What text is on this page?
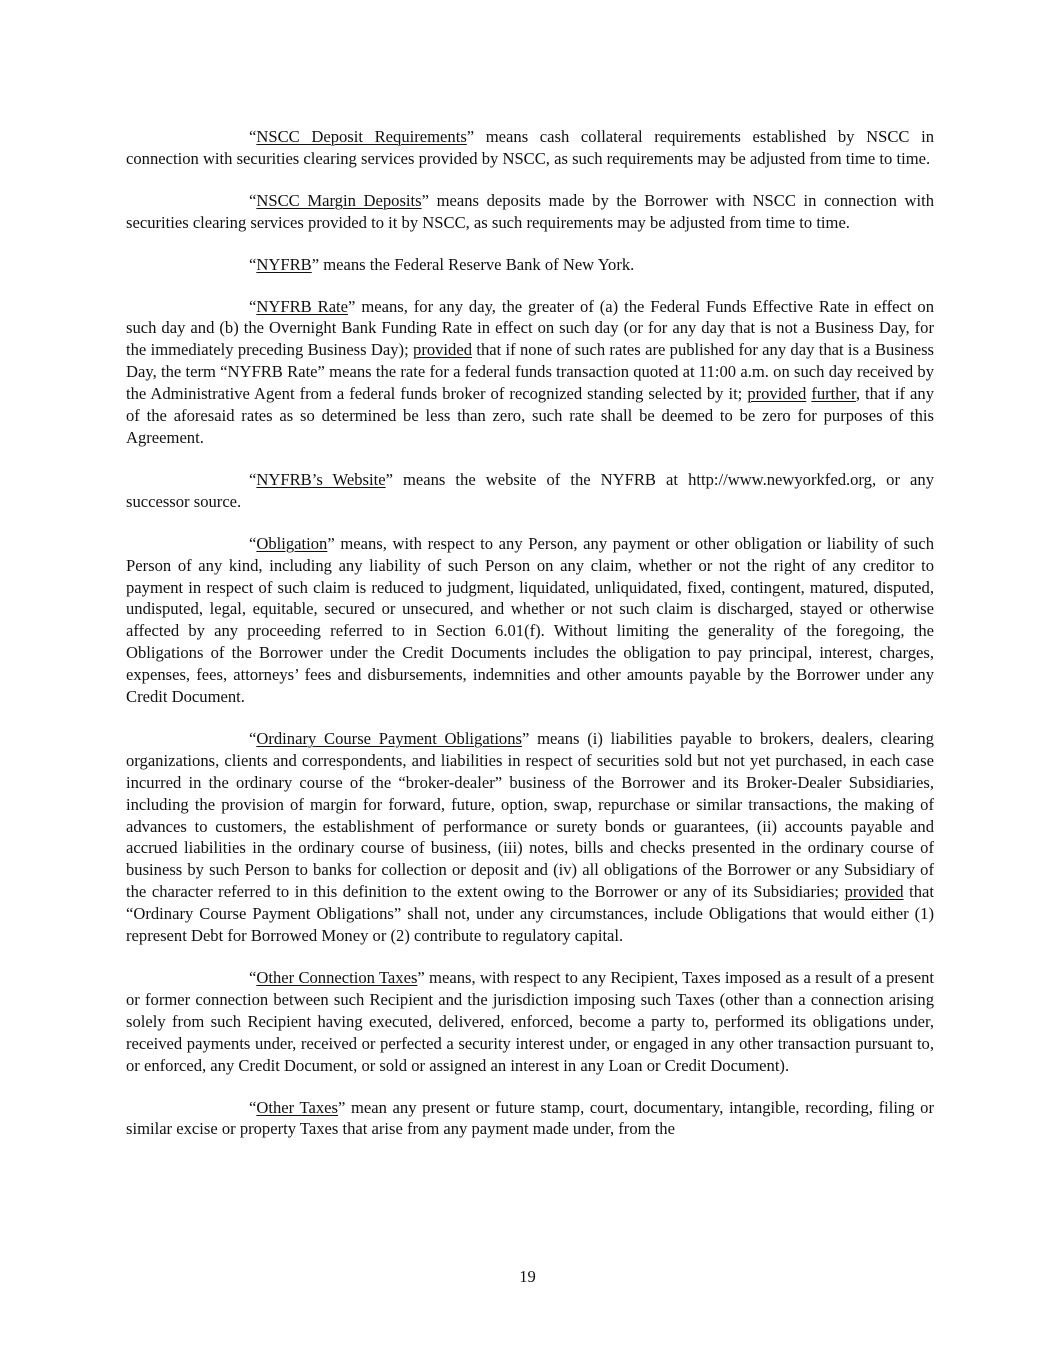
“NSCC Deposit Requirements” means cash collateral requirements established by NSCC in connection with securities clearing services provided by NSCC, as such requirements may be adjusted from time to time.

“NSCC Margin Deposits” means deposits made by the Borrower with NSCC in connection with securities clearing services provided to it by NSCC, as such requirements may be adjusted from time to time.

“NYFRB” means the Federal Reserve Bank of New York.

“NYFRB Rate” means, for any day, the greater of (a) the Federal Funds Effective Rate in effect on such day and (b) the Overnight Bank Funding Rate in effect on such day (or for any day that is not a Business Day, for the immediately preceding Business Day); provided that if none of such rates are published for any day that is a Business Day, the term “NYFRB Rate” means the rate for a federal funds transaction quoted at 11:00 a.m. on such day received by the Administrative Agent from a federal funds broker of recognized standing selected by it; provided further, that if any of the aforesaid rates as so determined be less than zero, such rate shall be deemed to be zero for purposes of this Agreement.

“NYFRB’s Website” means the website of the NYFRB at http://www.newyorkfed.org, or any successor source.

“Obligation” means, with respect to any Person, any payment or other obligation or liability of such Person of any kind, including any liability of such Person on any claim, whether or not the right of any creditor to payment in respect of such claim is reduced to judgment, liquidated, unliquidated, fixed, contingent, matured, disputed, undisputed, legal, equitable, secured or unsecured, and whether or not such claim is discharged, stayed or otherwise affected by any proceeding referred to in Section 6.01(f). Without limiting the generality of the foregoing, the Obligations of the Borrower under the Credit Documents includes the obligation to pay principal, interest, charges, expenses, fees, attorneys’ fees and disbursements, indemnities and other amounts payable by the Borrower under any Credit Document.

“Ordinary Course Payment Obligations” means (i) liabilities payable to brokers, dealers, clearing organizations, clients and correspondents, and liabilities in respect of securities sold but not yet purchased, in each case incurred in the ordinary course of the “broker-dealer” business of the Borrower and its Broker-Dealer Subsidiaries, including the provision of margin for forward, future, option, swap, repurchase or similar transactions, the making of advances to customers, the establishment of performance or surety bonds or guarantees, (ii) accounts payable and accrued liabilities in the ordinary course of business, (iii) notes, bills and checks presented in the ordinary course of business by such Person to banks for collection or deposit and (iv) all obligations of the Borrower or any Subsidiary of the character referred to in this definition to the extent owing to the Borrower or any of its Subsidiaries; provided that “Ordinary Course Payment Obligations” shall not, under any circumstances, include Obligations that would either (1) represent Debt for Borrowed Money or (2) contribute to regulatory capital.

“Other Connection Taxes” means, with respect to any Recipient, Taxes imposed as a result of a present or former connection between such Recipient and the jurisdiction imposing such Taxes (other than a connection arising solely from such Recipient having executed, delivered, enforced, become a party to, performed its obligations under, received payments under, received or perfected a security interest under, or engaged in any other transaction pursuant to, or enforced, any Credit Document, or sold or assigned an interest in any Loan or Credit Document).

“Other Taxes” mean any present or future stamp, court, documentary, intangible, recording, filing or similar excise or property Taxes that arise from any payment made under, from the

19
